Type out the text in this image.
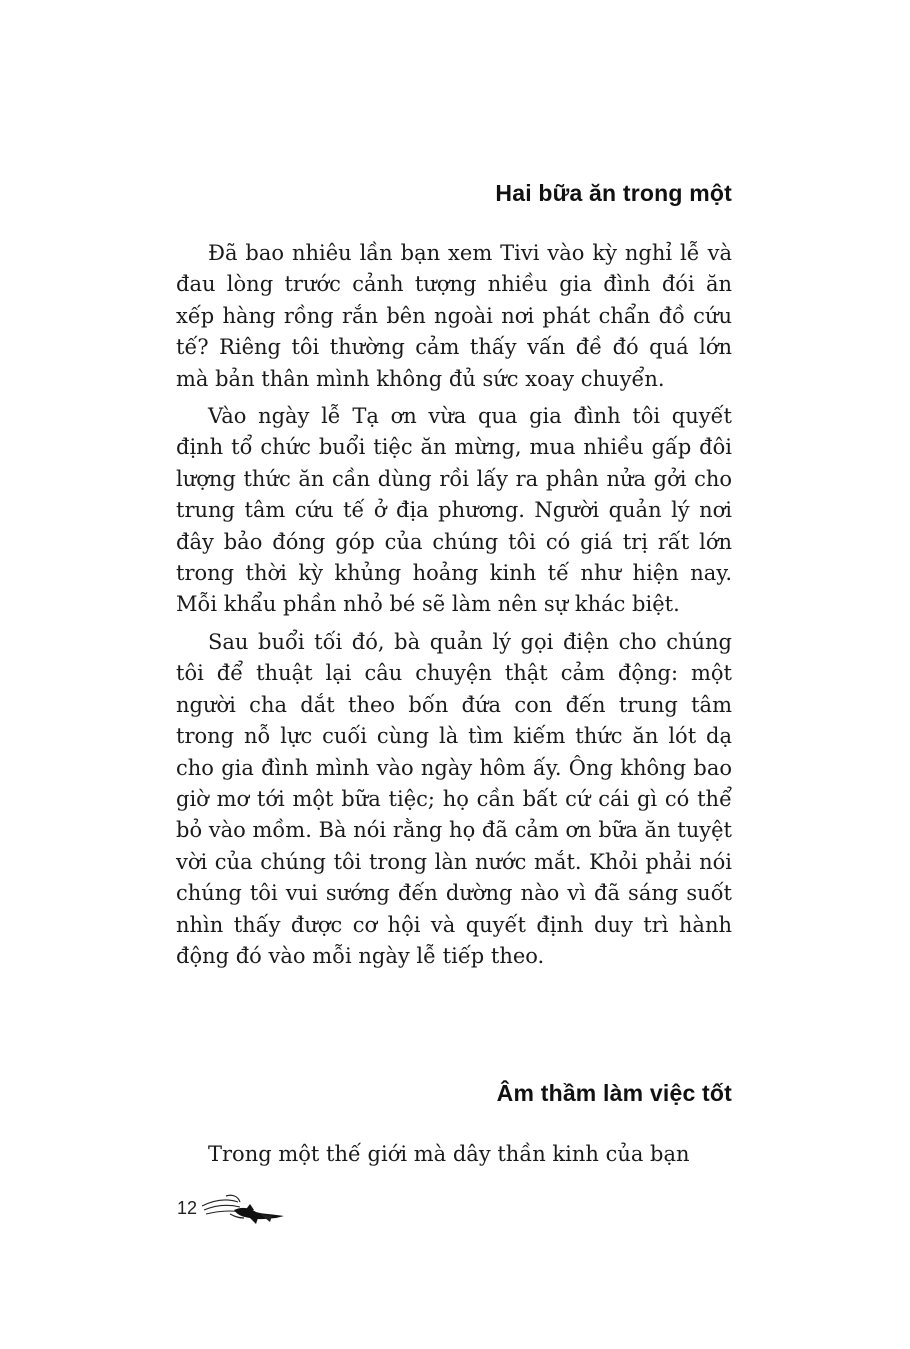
Hai bữa ăn trong một

Đã bao nhiêu lần bạn xem Tivi vào kỳ nghỉ lễ và đau lòng trước cảnh tượng nhiều gia đình đói ăn xếp hàng rồng rắn bên ngoài nơi phát chẩn đồ cứu tế? Riêng tôi thường cảm thấy vấn đề đó quá lớn mà bản thân mình không đủ sức xoay chuyển.

Vào ngày lễ Tạ ơn vừa qua gia đình tôi quyết định tổ chức buổi tiệc ăn mừng, mua nhiều gấp đôi lượng thức ăn cần dùng rồi lấy ra phân nửa gởi cho trung tâm cứu tế ở địa phương. Người quản lý nơi đây bảo đóng góp của chúng tôi có giá trị rất lớn trong thời kỳ khủng hoảng kinh tế như hiện nay. Mỗi khẩu phần nhỏ bé sẽ làm nên sự khác biệt.

Sau buổi tối đó, bà quản lý gọi điện cho chúng tôi để thuật lại câu chuyện thật cảm động: một người cha dắt theo bốn đứa con đến trung tâm trong nỗ lực cuối cùng là tìm kiếm thức ăn lót dạ cho gia đình mình vào ngày hôm ấy. Ông không bao giờ mơ tới một bữa tiệc; họ cần bất cứ cái gì có thể bỏ vào mồm. Bà nói rằng họ đã cảm ơn bữa ăn tuyệt vời của chúng tôi trong làn nước mắt. Khỏi phải nói chúng tôi vui sướng đến dường nào vì đã sáng suốt nhìn thấy được cơ hội và quyết định duy trì hành động đó vào mỗi ngày lễ tiếp theo.

Âm thầm làm việc tốt

Trong một thế giới mà dây thần kinh của bạn

12
